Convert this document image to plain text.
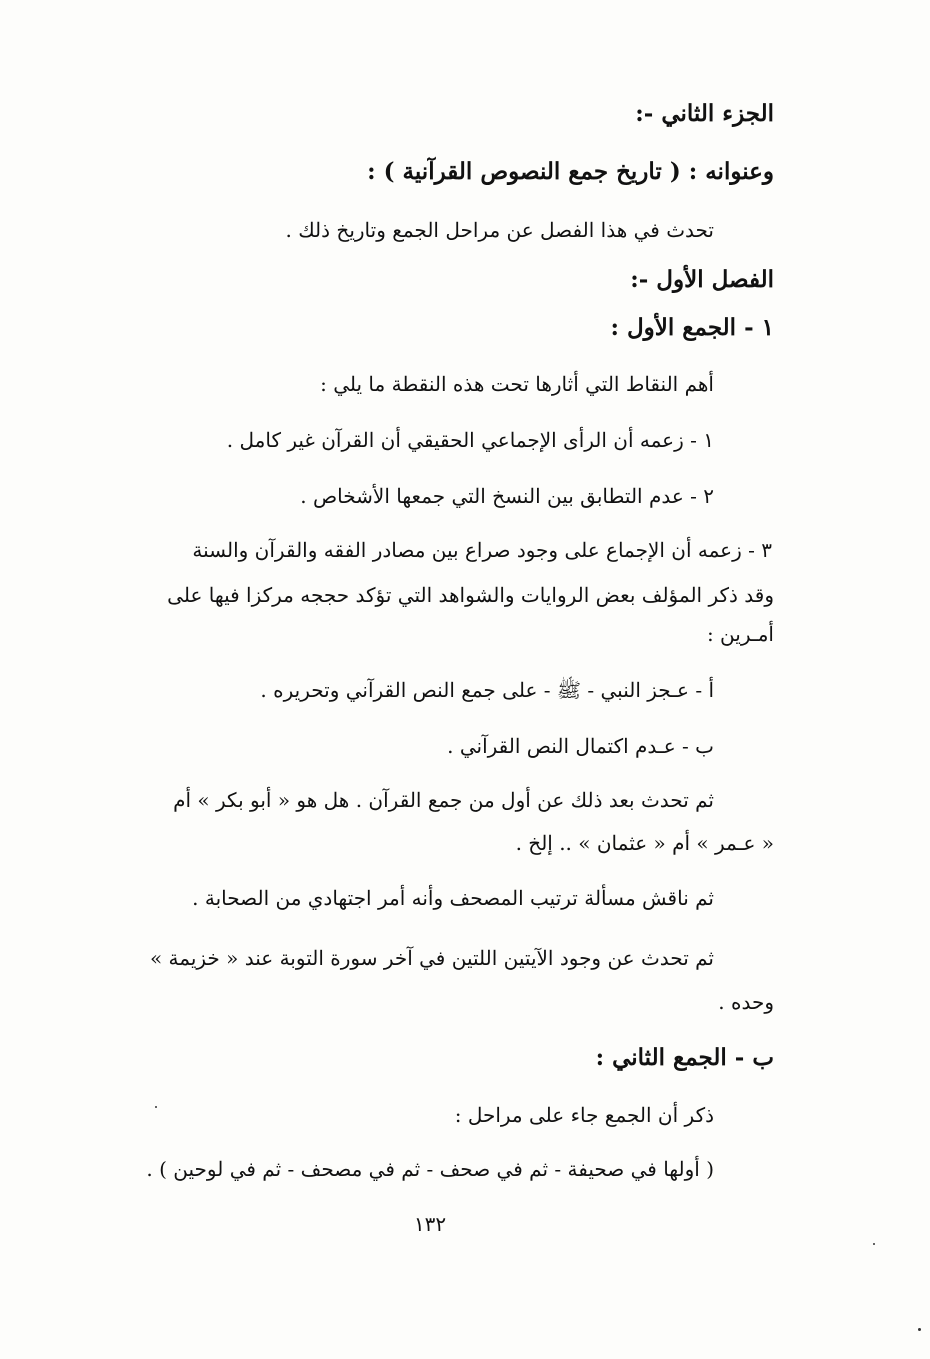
الجزء الثاني -:
وعنوانه : ( تاريخ جمع النصوص القرآنية ) :
تحدث في هذا الفصل عن مراحل الجمع وتاريخ ذلك .
الفصل الأول -:
١ - الجمع الأول :
أهم النقاط التي أثارها تحت هذه النقطة ما يلي :
١ - زعمه أن الرأى الإجماعي الحقيقي أن القرآن غير كامل .
٢ - عدم التطابق بين النسخ التي جمعها الأشخاص .
٣ - زعمه أن الإجماع على وجود صراع بين مصادر الفقه والقرآن والسنة
وقد ذكر المؤلف بعض الروايات والشواهد التي تؤكد حججه مركزا فيها على
أمـرين :
أ - عـجز النبي - ﷺ - على جمع النص القرآني وتحريره .
ب - عـدم اكتمال النص القرآني .
ثم تحدث بعد ذلك عن أول من جمع القرآن . هل هو « أبو بكر » أم
« عـمر » أم « عثمان » .. إلخ .
ثم ناقش مسألة ترتيب المصحف وأنه أمر اجتهادي من الصحابة .
ثم تحدث عن وجود الآيتين اللتين في آخر سورة التوبة عند « خزيمة »
وحده .
ب - الجمع الثاني :
ذكر أن الجمع جاء على مراحل :
( أولها في صحيفة - ثم في صحف - ثم في مصحف - ثم في لوحين ) .
١٣٢
